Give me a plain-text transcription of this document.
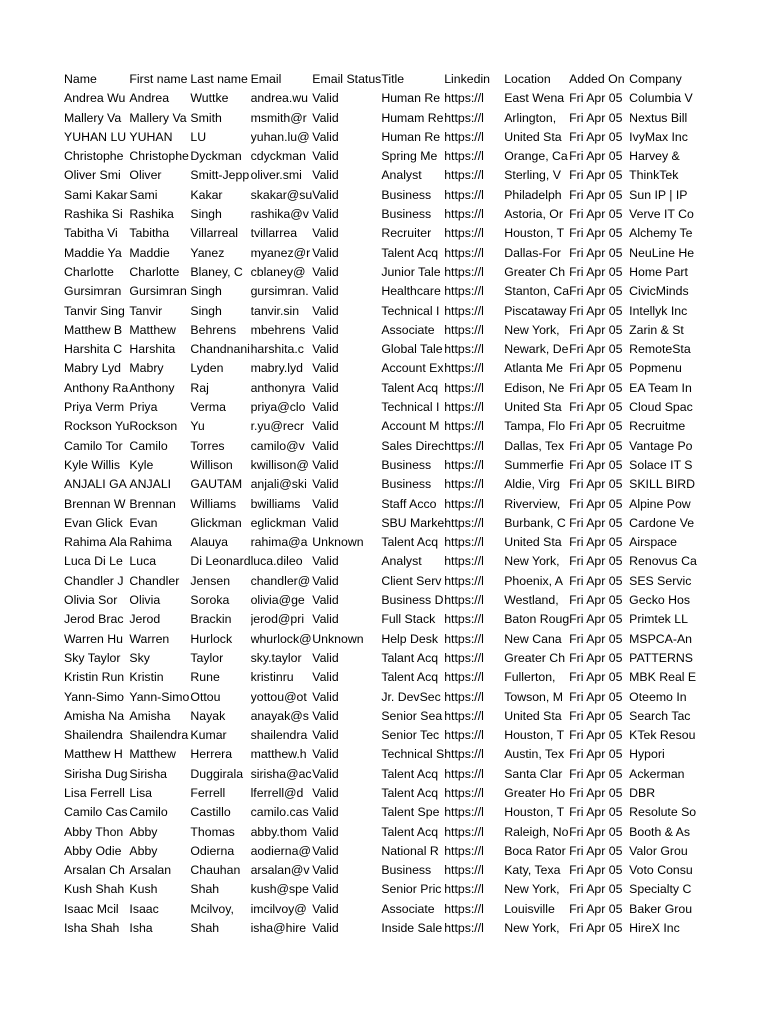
Name	First name	Last name	Email	Email Status	Title	Linkedin	Location	Added On	Company
Andrea Wu	Andrea	Wuttke	andrea.wu	Valid	Human Re	https://l	East Wena	Fri Apr 05	Columbia V
Mallery Va	Mallery Va	Smith	msmith@r	Valid	Humam Re	https://l	Arlington,	Fri Apr 05	Nextus Bill
YUHAN LU	YUHAN	LU	yuhan.lu@	Valid	Human Re	https://l	United Sta	Fri Apr 05	IvyMax Inc
Christophe	Christophe	Dyckman	cdyckman	Valid	Spring Me	https://l	Orange, Ca	Fri Apr 05	Harvey &
Oliver Smi	Oliver	Smitt-Jepp	oliver.smi	Valid	Analyst	https://l	Sterling, V	Fri Apr 05	ThinkTek
Sami Kakar	Sami	Kakar	skakar@su	Valid	Business	https://l	Philadelph	Fri Apr 05	Sun IP | IP
Rashika Si	Rashika	Singh	rashika@v	Valid	Business	https://l	Astoria, Or	Fri Apr 05	Verve IT Co
Tabitha Vi	Tabitha	Villarreal	tvillarrea	Valid	Recruiter	https://l	Houston, T	Fri Apr 05	Alchemy Te
Maddie Ya	Maddie	Yanez	myanez@r	Valid	Talent Acq	https://l	Dallas-For	Fri Apr 05	NeuLine He
Charlotte	Charlotte	Blaney, C	cblaney@	Valid	Junior Tale	https://l	Greater Ch	Fri Apr 05	Home Part
Gursimran	Gursimran	Singh	gursimran.	Valid	Healthcare	https://l	Stanton, Ca	Fri Apr 05	CivicMinds
Tanvir Sing	Tanvir	Singh	tanvir.sin	Valid	Technical I	https://l	Piscataway	Fri Apr 05	Intellyk Inc
Matthew B	Matthew	Behrens	mbehrens	Valid	Associate	https://l	New York,	Fri Apr 05	Zarin & St
Harshita C	Harshita	Chandnani	harshita.c	Valid	Global Tale	https://l	Newark, De	Fri Apr 05	RemoteSta
Mabry Lyd	Mabry	Lyden	mabry.lyd	Valid	Account Ex	https://l	Atlanta Me	Fri Apr 05	Popmenu
Anthony Ra	Anthony	Raj	anthonyra	Valid	Talent Acq	https://l	Edison, Ne	Fri Apr 05	EA Team In
Priya Verm	Priya	Verma	priya@clo	Valid	Technical I	https://l	United Sta	Fri Apr 05	Cloud Spac
Rockson Yu	Rockson	Yu	r.yu@recr	Valid	Account M	https://l	Tampa, Flo	Fri Apr 05	Recruitme
Camilo Tor	Camilo	Torres	camilo@v	Valid	Sales Direc	https://l	Dallas, Tex	Fri Apr 05	Vantage Po
Kyle Willis	Kyle	Willison	kwillison@	Valid	Business	https://l	Summerfie	Fri Apr 05	Solace IT S
ANJALI GA	ANJALI	GAUTAM	anjali@ski	Valid	Business	https://l	Aldie, Virg	Fri Apr 05	SKILL BIRD
Brennan W	Brennan	Williams	bwilliams	Valid	Staff Acco	https://l	Riverview,	Fri Apr 05	Alpine Pow
Evan Glick	Evan	Glickman	eglickman	Valid	SBU Marke	https://l	Burbank, C	Fri Apr 05	Cardone Ve
Rahima Ala	Rahima	Alauya	rahima@a	Unknown	Talent Acq	https://l	United Sta	Fri Apr 05	Airspace
Luca Di Le	Luca	Di Leonard	luca.dileo	Valid	Analyst	https://l	New York,	Fri Apr 05	Renovus Ca
Chandler J	Chandler	Jensen	chandler@	Valid	Client Serv	https://l	Phoenix, A	Fri Apr 05	SES Servic
Olivia Sor	Olivia	Soroka	olivia@ge	Valid	Business D	https://l	Westland,	Fri Apr 05	Gecko Hos
Jerod Brac	Jerod	Brackin	jerod@pri	Valid	Full Stack	https://l	Baton Roug	Fri Apr 05	Primtek LL
Warren Hu	Warren	Hurlock	whurlock@	Unknown	Help Desk	https://l	New Cana	Fri Apr 05	MSPCA-An
Sky Taylor	Sky	Taylor	sky.taylor	Valid	Talant Acq	https://l	Greater Ch	Fri Apr 05	PATTERNS
Kristin Run	Kristin	Rune	kristinru	Valid	Talent Acq	https://l	Fullerton,	Fri Apr 05	MBK Real E
Yann-Simo	Yann-Simo	Ottou	yottou@ot	Valid	Jr. DevSec	https://l	Towson, M	Fri Apr 05	Oteemo In
Amisha Na	Amisha	Nayak	anayak@s	Valid	Senior Sea	https://l	United Sta	Fri Apr 05	Search Tac
Shailendra	Shailendra	Kumar	shailendra	Valid	Senior Tec	https://l	Houston, T	Fri Apr 05	KTek Resou
Matthew H	Matthew	Herrera	matthew.h	Valid	Technical S	https://l	Austin, Tex	Fri Apr 05	Hypori
Sirisha Dug	Sirisha	Duggirala	sirisha@ac	Valid	Talent Acq	https://l	Santa Clar	Fri Apr 05	Ackerman
Lisa Ferrell	Lisa	Ferrell	lferrell@d	Valid	Talent Acq	https://l	Greater Ho	Fri Apr 05	DBR
Camilo Cas	Camilo	Castillo	camilo.cas	Valid	Talent Spe	https://l	Houston, T	Fri Apr 05	Resolute So
Abby Thon	Abby	Thomas	abby.thom	Valid	Talent Acq	https://l	Raleigh, No	Fri Apr 05	Booth & As
Abby Odie	Abby	Odierna	aodierna@	Valid	National R	https://l	Boca Rator	Fri Apr 05	Valor Grou
Arsalan Ch	Arsalan	Chauhan	arsalan@v	Valid	Business	https://l	Katy, Texa	Fri Apr 05	Voto Consu
Kush Shah	Kush	Shah	kush@spe	Valid	Senior Pric	https://l	New York,	Fri Apr 05	Specialty C
Isaac Mcil	Isaac	Mcilvoy,	imcilvoy@	Valid	Associate	https://l	Louisville	Fri Apr 05	Baker Grou
Isha Shah	Isha	Shah	isha@hire	Valid	Inside Sale	https://l	New York,	Fri Apr 05	HireX Inc
